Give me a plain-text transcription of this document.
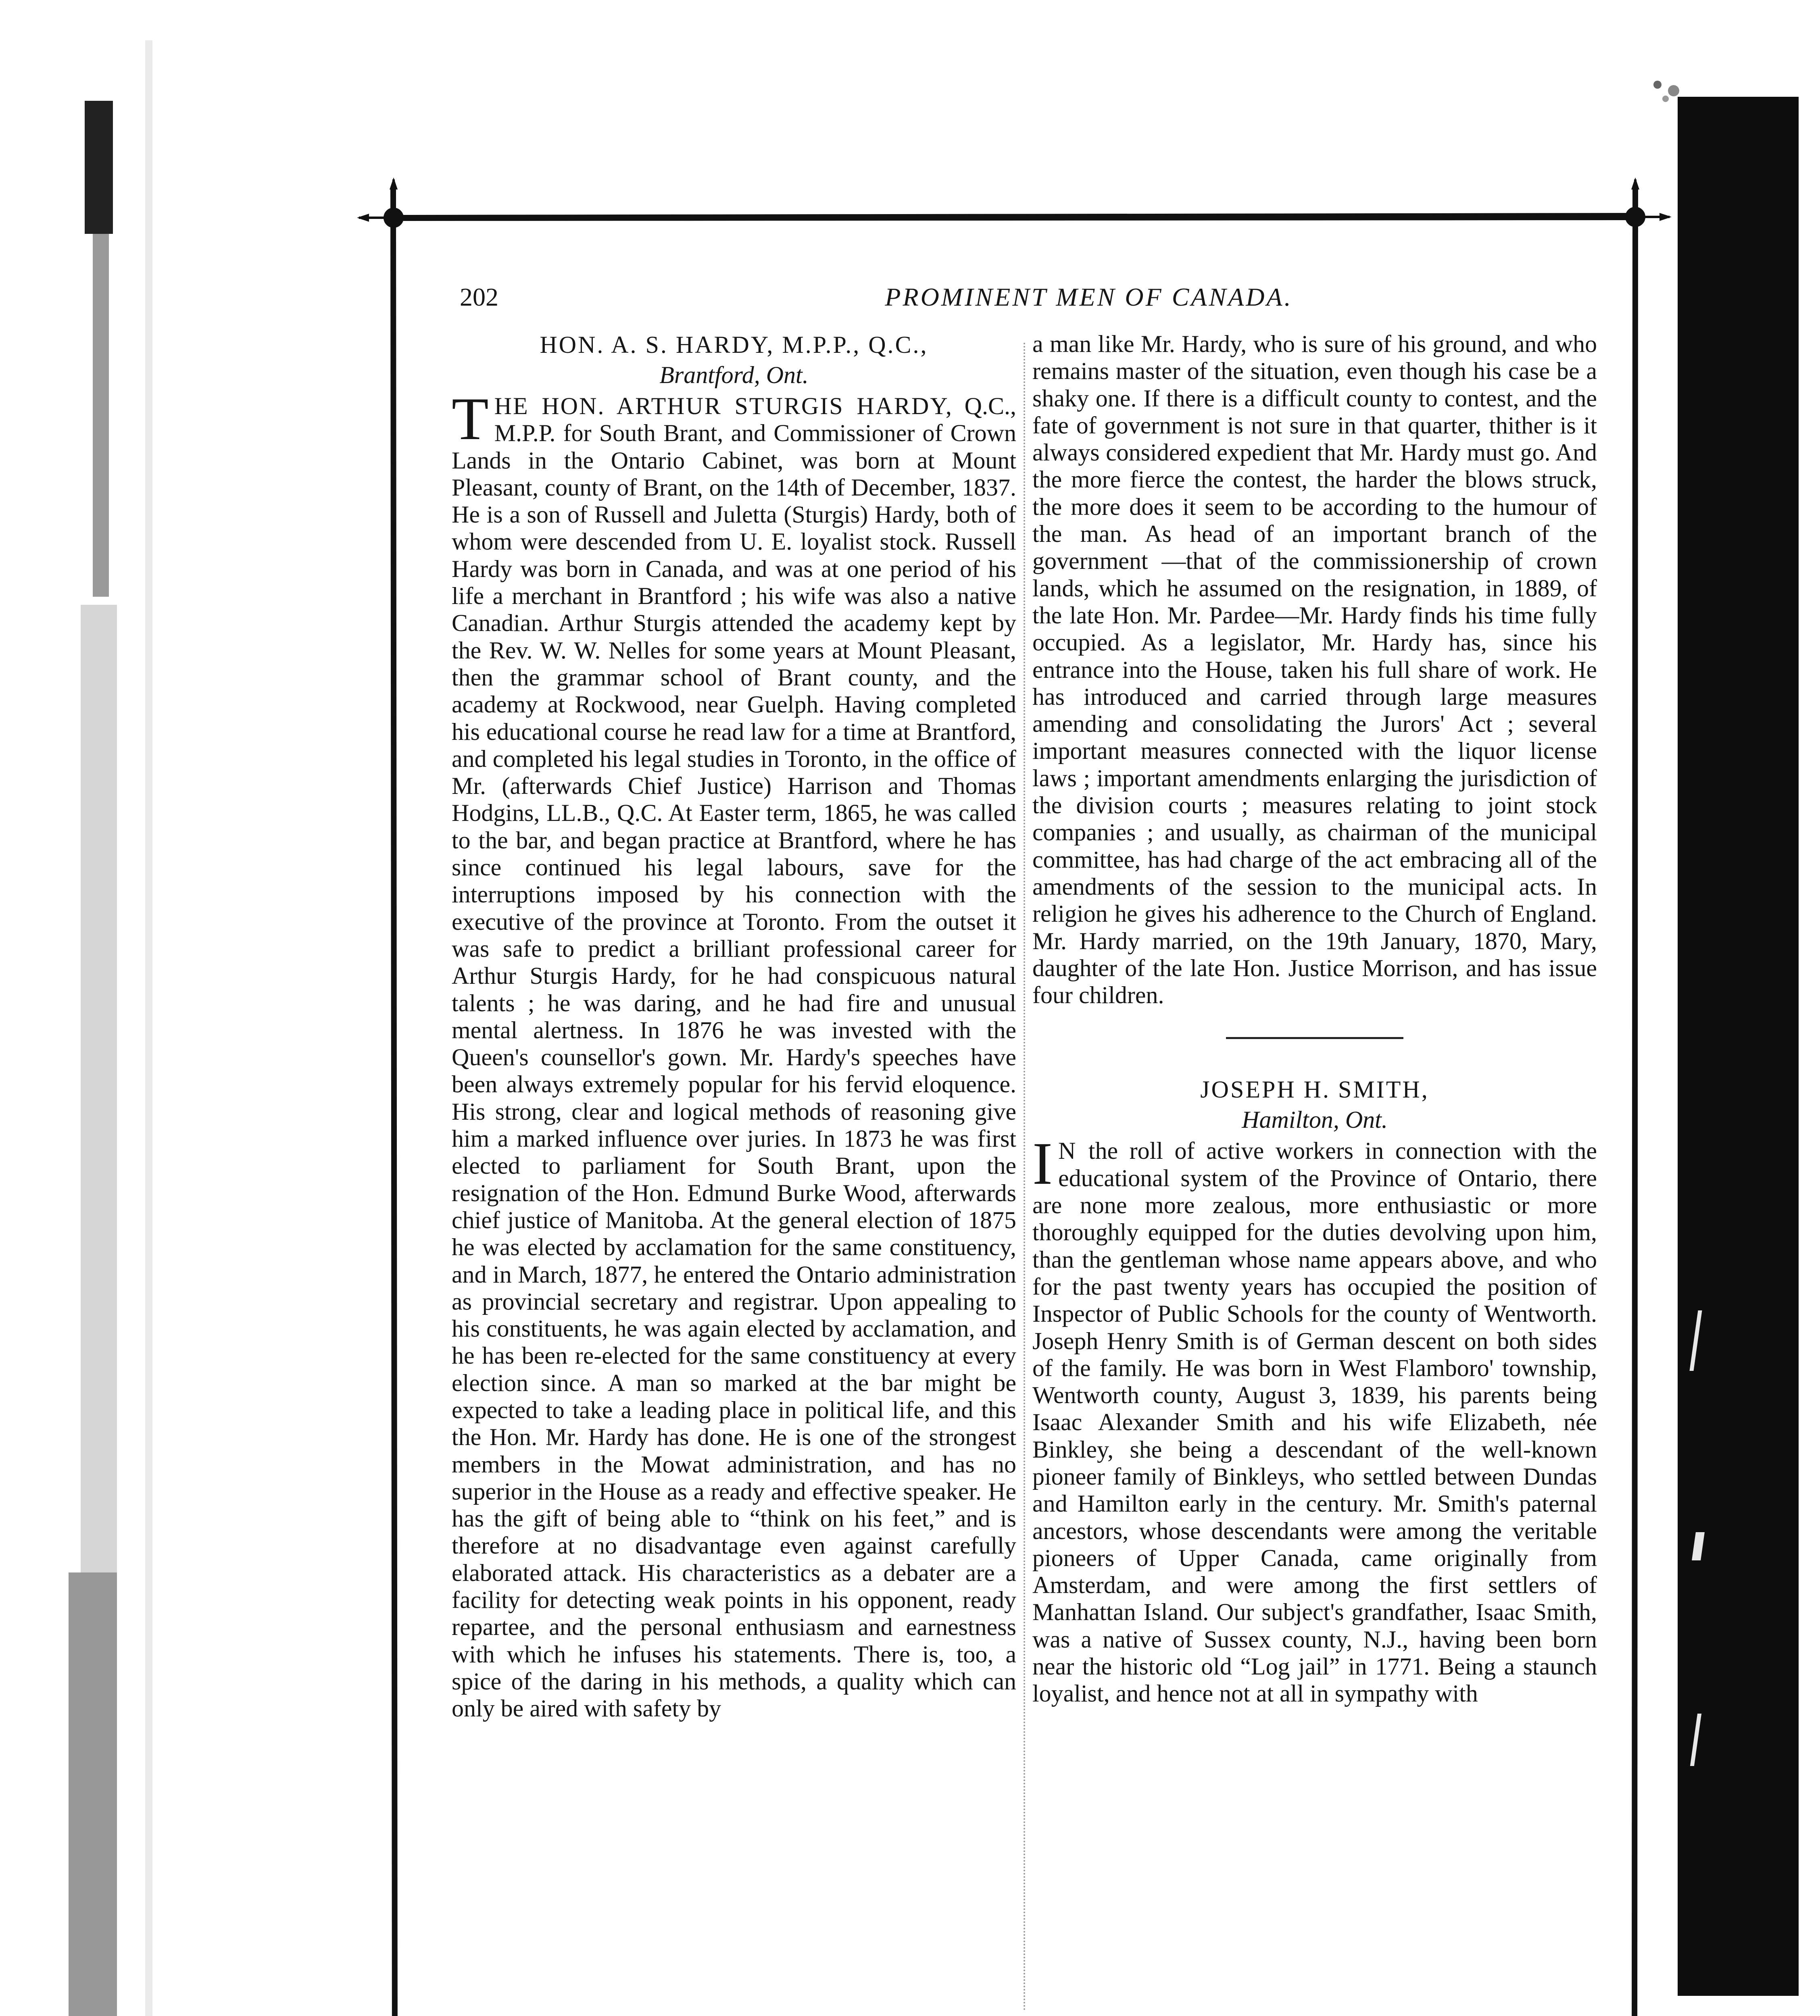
202	PROMINENT MEN OF CANADA.

HON. A. S. HARDY, M.P.P., Q.C.,

Brantford, Ont.

T HE HON. ARTHUR STURGIS HARDY, Q.C., M.P.P. for South Brant, and Commissioner of Crown Lands in the Ontario Cabinet, was born at Mount Pleasant, county of Brant, on the 14th of December, 1837. He is a son of Russell and Juletta (Sturgis) Hardy, both of whom were descended from U. E. loyalist stock. Russell Hardy was born in Canada, and was at one period of his life a merchant in Brantford ; his wife was also a native Canadian. Arthur Sturgis attended the academy kept by the Rev. W. W. Nelles for some years at Mount Pleasant, then the grammar school of Brant county, and the academy at Rockwood, near Guelph. Having completed his educational course he read law for a time at Brantford, and completed his legal studies in Toronto, in the office of Mr. (afterwards Chief Justice) Harrison and Thomas Hodgins, LL.B., Q.C. At Easter term, 1865, he was called to the bar, and began practice at Brantford, where he has since continued his legal labours, save for the interruptions imposed by his connection with the executive of the province at Toronto. From the outset it was safe to predict a brilliant professional career for Arthur Sturgis Hardy, for he had conspicuous natural talents ; he was daring, and he had fire and unusual mental alertness. In 1876 he was invested with the Queen's counsellor's gown. Mr. Hardy's speeches have been always extremely popular for his fervid eloquence. His strong, clear and logical methods of reasoning give him a marked influence over juries. In 1873 he was first elected to parliament for South Brant, upon the resignation of the Hon. Edmund Burke Wood, afterwards chief justice of Manitoba. At the general election of 1875 he was elected by acclamation for the same constituency, and in March, 1877, he entered the Ontario administration as provincial secretary and registrar. Upon appealing to his constituents, he was again elected by acclamation, and he has been re-elected for the same constituency at every election since. A man so marked at the bar might be expected to take a leading place in political life, and this the Hon. Mr. Hardy has done. He is one of the strongest members in the Mowat administration, and has no superior in the House as a ready and effective speaker. He has the gift of being able to “think on his feet,” and is therefore at no disadvantage even against carefully elaborated attack. His characteristics as a debater are a facility for detecting weak points in his opponent, ready repartee, and the personal enthusiasm and earnestness with which he infuses his statements. There is, too, a spice of the daring in his methods, a quality which can only be aired with safety by

a man like Mr. Hardy, who is sure of his ground, and who remains master of the situation, even though his case be a shaky one. If there is a difficult county to contest, and the fate of government is not sure in that quarter, thither is it always considered expedient that Mr. Hardy must go. And the more fierce the contest, the harder the blows struck, the more does it seem to be according to the humour of the man. As head of an important branch of the government —that of the commissionership of crown lands, which he assumed on the resignation, in 1889, of the late Hon. Mr. Pardee—Mr. Hardy finds his time fully occupied. As a legislator, Mr. Hardy has, since his entrance into the House, taken his full share of work. He has introduced and carried through large measures amending and consolidating the Jurors' Act ; several important measures connected with the liquor license laws ; important amendments enlarging the jurisdiction of the division courts ; measures relating to joint stock companies ; and usually, as chairman of the municipal committee, has had charge of the act embracing all of the amendments of the session to the municipal acts. In religion he gives his adherence to the Church of England. Mr. Hardy married, on the 19th January, 1870, Mary, daughter of the late Hon. Justice Morrison, and has issue four children.

JOSEPH H. SMITH,

Hamilton, Ont.

I N the roll of active workers in connection with the educational system of the Province of Ontario, there are none more zealous, more enthusiastic or more thoroughly equipped for the duties devolving upon him, than the gentleman whose name appears above, and who for the past twenty years has occupied the position of Inspector of Public Schools for the county of Wentworth. Joseph Henry Smith is of German descent on both sides of the family. He was born in West Flamboro' township, Wentworth county, August 3, 1839, his parents being Isaac Alexander Smith and his wife Elizabeth, née Binkley, she being a descendant of the well-known pioneer family of Binkleys, who settled between Dundas and Hamilton early in the century. Mr. Smith's paternal ancestors, whose descendants were among the veritable pioneers of Upper Canada, came originally from Amsterdam, and were among the first settlers of Manhattan Island. Our subject's grandfather, Isaac Smith, was a native of Sussex county, N.J., having been born near the historic old “Log jail” in 1771. Being a staunch loyalist, and hence not at all in sympathy with
